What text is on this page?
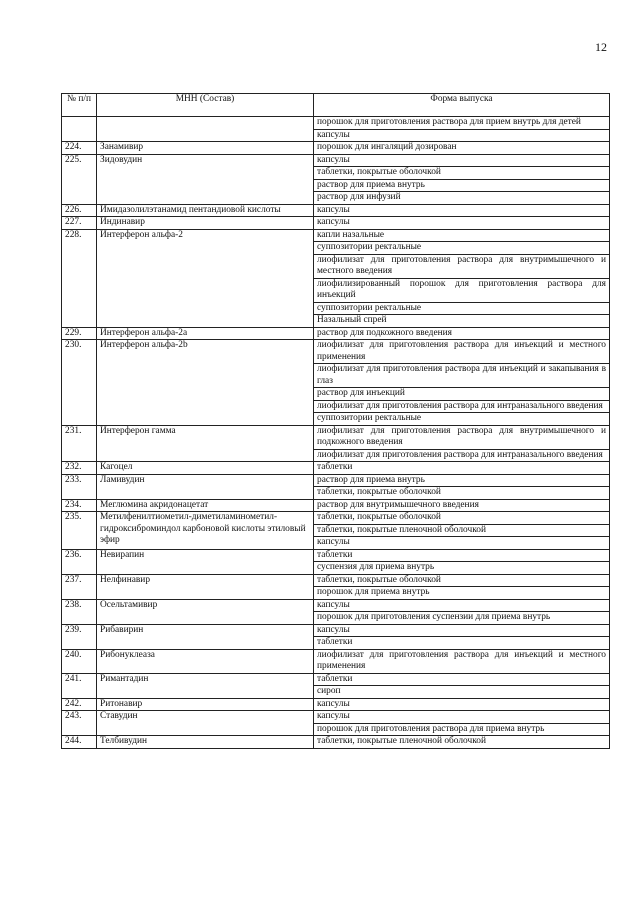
12
№ п/п	МНН (Состав)	Форма выпуска
		порошок для приготовления раствора для прием внутрь для детей
		капсулы
224.	Занамивир	порошок для ингаляций дозирован
225.	Зидовудин	капсулы
		таблетки, покрытые оболочкой
		раствор для приема внутрь
		раствор для инфузий
226.	Имидазолилэтанамид пентандиовой кислоты	капсулы
227.	Индинавир	капсулы
228.	Интерферон альфа-2	капли назальные
		суппозитории ректальные
		лиофилизат для приготовления раствора для внутримышечного и местного введения
		лиофилизированный порошок для приготовления раствора для инъекций
		суппозитории ректальные
		Назальный спрей
229.	Интерферон альфа-2а	раствор для подкожного введения
230.	Интерферон альфа-2b	лиофилизат для приготовления раствора для инъекций и местного применения
		лиофилизат для приготовления раствора для инъекций и закапывания в глаз
		раствор для инъекций
		лиофилизат для приготовления раствора для интраназального введения
		суппозитории ректальные
231.	Интерферон гамма	лиофилизат для приготовления раствора для внутримышечного и подкожного введения
		лиофилизат для приготовления раствора для интраназального введения
232.	Кагоцел	таблетки
233.	Ламивудин	раствор для приема внутрь
		таблетки, покрытые оболочкой
234.	Меглюмина акридонацетат	раствор для внутримышечного введения
235.	Метилфенилтиометил-диметиламинометил-гидроксиброминдол карбоновой кислоты этиловый эфир	таблетки, покрытые оболочкой
		таблетки, покрытые пленочной оболочкой
		капсулы
236.	Невирапин	таблетки
		суспензия для приема внутрь
237.	Нелфинавир	таблетки, покрытые оболочкой
		порошок для приема внутрь
238.	Осельтамивир	капсулы
		порошок для приготовления суспензии для приема внутрь
239.	Рибавирин	капсулы
		таблетки
240.	Рибонуклеаза	лиофилизат для приготовления раствора для инъекций и местного применения
241.	Римантадин	таблетки
		сироп
242.	Ритонавир	капсулы
243.	Ставудин	капсулы
		порошок для приготовления раствора для приема внутрь
244.	Телбивудин	таблетки, покрытые пленочной оболочкой
